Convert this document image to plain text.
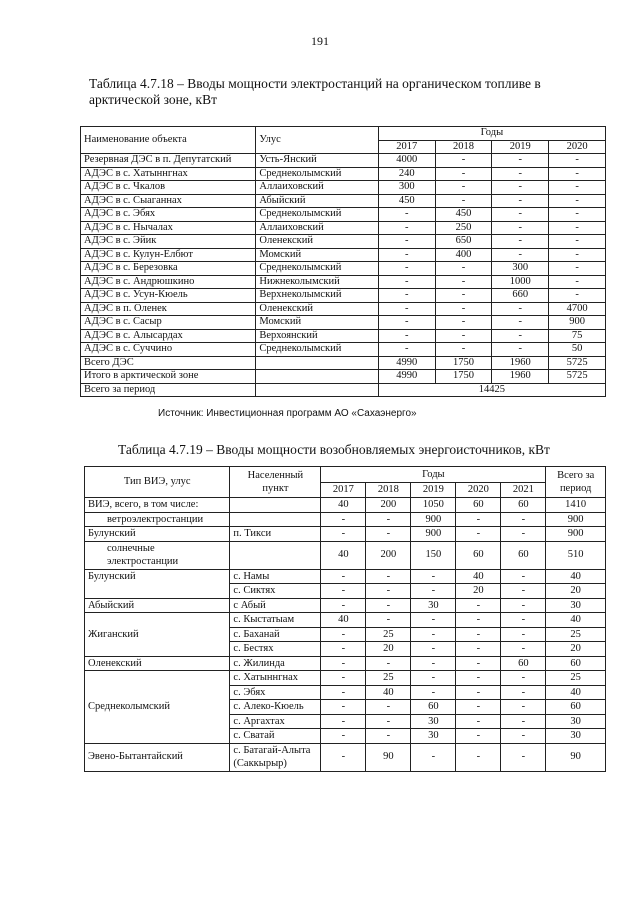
191
Таблица 4.7.18 – Вводы мощности электростанций на органическом топливе в арктической зоне, кВт
Наименование объекта	Улус	Годы			
		2017	2018	2019	2020
Резервная ДЭС в п. Депутатский	Усть-Янский	4000	-	-	-
АДЭС в с. Хатыннгнах	Среднеколымский	240	-	-	-
АДЭС в с. Чкалов	Аллаиховский	300	-	-	-
АДЭС в с. Сыаганнах	Абыйский	450	-	-	-
АДЭС в с. Эбях	Среднеколымский	-	450	-	-
АДЭС в с. Нычалах	Аллаиховский	-	250	-	-
АДЭС в с. Эйик	Оленекский	-	650	-	-
АДЭС в с. Кулун-Елбют	Момский	-	400	-	-
АДЭС в с. Березовка	Среднеколымский	-	-	300	-
АДЭС в с. Андрюшкино	Нижнеколымский	-	-	1000	-
АДЭС в с. Усун-Кюель	Верхнеколымский	-	-	660	-
АДЭС в п. Оленек	Оленекский	-	-	-	4700
АДЭС в с. Сасыр	Момский	-	-	-	900
АДЭС в с. Алысардах	Верхоянский	-	-	-	75
АДЭС в с. Суччино	Среднеколымский	-	-	-	50
Всего ДЭС		4990	1750	1960	5725
Итого в арктической зоне		4990	1750	1960	5725
Всего за период		14425			
Источник: Инвестиционная программ АО «Сахаэнерго»
Таблица 4.7.19 – Вводы мощности возобновляемых энергоисточников, кВт
Тип ВИЭ, улус	Населенный пункт	Годы					Всего за период
		2017	2018	2019	2020	2021	
ВИЭ, всего, в том числе:		40	200	1050	60	60	1410
ветроэлектростанции		-	-	900	-	-	900
Булунский	п. Тикси	-	-	900	-	-	900
солнечные электростанции		40	200	150	60	60	510
Булунский	с. Намы	-	-	-	40	-	40
	с. Сиктях	-	-	-	20	-	20
Абыйский	с Абый	-	-	30	-	-	30
Жиганский	с. Кыстатыам	40	-	-	-	-	40
	с. Баханай	-	25	-	-	-	25
	с. Бестях	-	20	-	-	-	20
Оленекский	с. Жилинда	-	-	-	-	60	60
Среднеколымский	с. Хатыннгнах	-	25	-	-	-	25
	с. Эбях	-	40	-	-	-	40
	с. Алеко-Кюель	-	-	60	-	-	60
	с. Аргахтах	-	-	30	-	-	30
	с. Сватай	-	-	30	-	-	30
Эвено-Бытантайский	с. Батагай-Алыта (Саккырыр)	-	90	-	-	-	90
